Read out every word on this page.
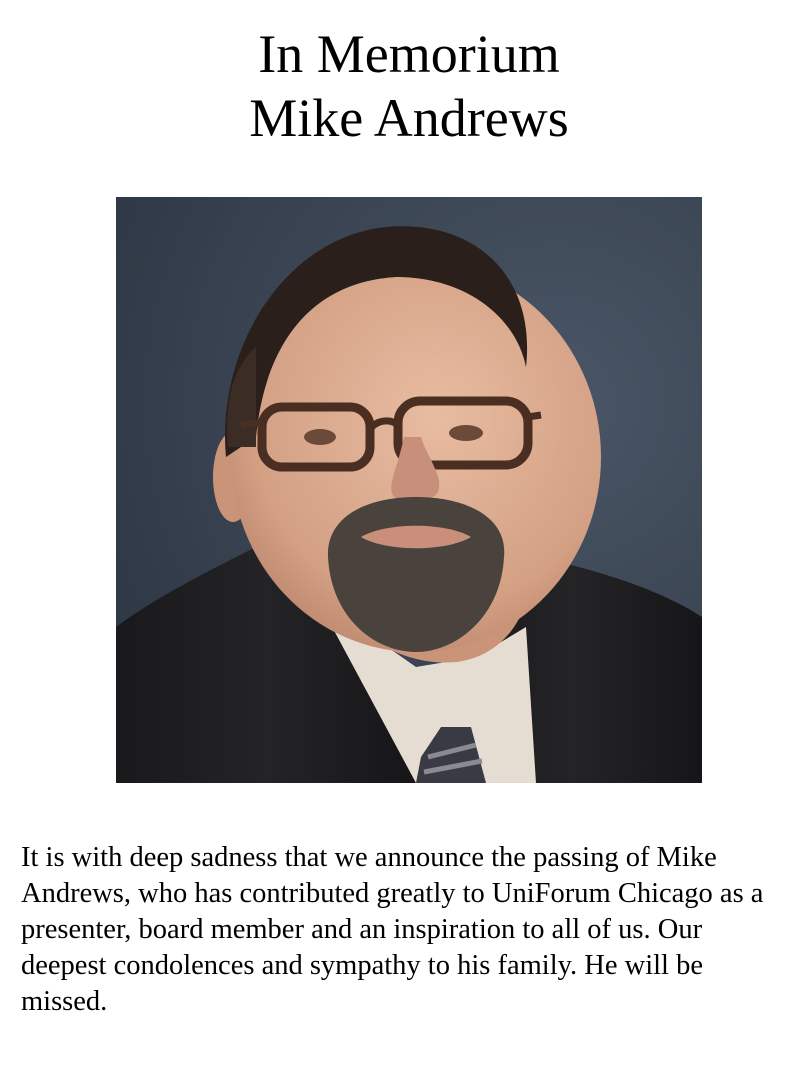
In Memorium
Mike Andrews

It is with deep sadness that we announce the passing of Mike Andrews, who has contributed greatly to UniForum Chicago as a presenter, board member and an inspiration to all of us. Our deepest condolences and sympathy to his family. He will be missed.
